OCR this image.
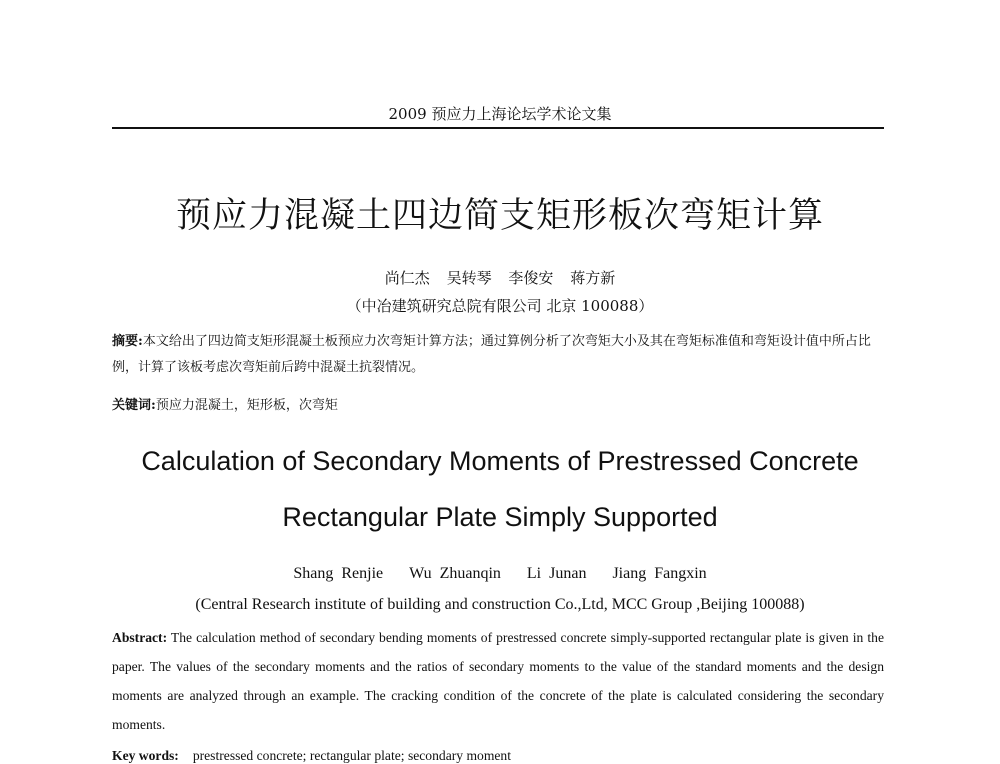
2009 预应力上海论坛学术论文集
预应力混凝土四边简支矩形板次弯矩计算
尚仁杰 吴转琴 李俊安 蒋方新
（中冶建筑研究总院有限公司 北京 100088）
摘要:本文给出了四边简支矩形混凝土板预应力次弯矩计算方法；通过算例分析了次弯矩大小及其在弯矩标准值和弯矩设计值中所占比例，计算了该板考虑次弯矩前后跨中混凝土抗裂情况。
关键词:预应力混凝土，矩形板，次弯矩
Calculation of Secondary Moments of Prestressed Concrete
Rectangular Plate Simply Supported
Shang Renjie Wu Zhuanqin Li Junan Jiang Fangxin
(Central Research institute of building and construction Co.,Ltd, MCC Group ,Beijing 100088)
Abstract: The calculation method of secondary bending moments of prestressed concrete simply-supported rectangular plate is given in the paper. The values of the secondary moments and the ratios of secondary moments to the value of the standard moments and the design moments are analyzed through an example. The cracking condition of the concrete of the plate is calculated considering the secondary moments.
Key words: prestressed concrete; rectangular plate; secondary moment
